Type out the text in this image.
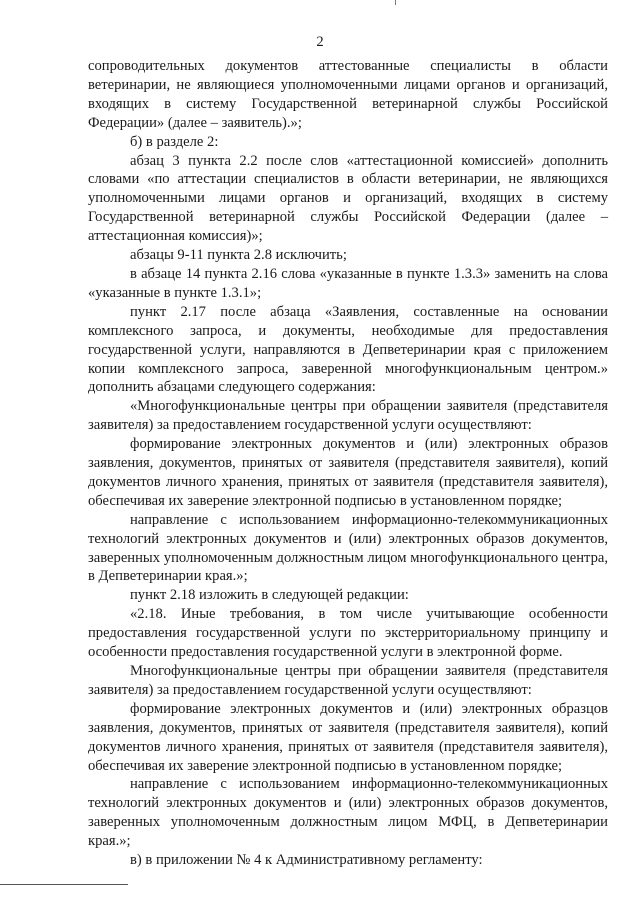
2

сопроводительных документов аттестованные специалисты в области ветеринарии, не являющиеся уполномоченными лицами органов и организаций, входящих в систему Государственной ветеринарной службы Российской Федерации» (далее – заявитель).»;

б) в разделе 2:

абзац 3 пункта 2.2 после слов «аттестационной комиссией» дополнить словами «по аттестации специалистов в области ветеринарии, не являющихся уполномоченными лицами органов и организаций, входящих в систему Государственной ветеринарной службы Российской Федерации (далее – аттестационная комиссия)»;

абзацы 9-11 пункта 2.8 исключить;

в абзаце 14 пункта 2.16 слова «указанные в пункте 1.3.3» заменить на слова «указанные в пункте 1.3.1»;

пункт 2.17 после абзаца «Заявления, составленные на основании комплексного запроса, и документы, необходимые для предоставления государственной услуги, направляются в Депветеринарии края с приложением копии комплексного запроса, заверенной многофункциональным центром.» дополнить абзацами следующего содержания:

«Многофункциональные центры при обращении заявителя (представителя заявителя) за предоставлением государственной услуги осуществляют:

формирование электронных документов и (или) электронных образов заявления, документов, принятых от заявителя (представителя заявителя), копий документов личного хранения, принятых от заявителя (представителя заявителя), обеспечивая их заверение электронной подписью в установленном порядке;

направление с использованием информационно-телекоммуникационных технологий электронных документов и (или) электронных образов документов, заверенных уполномоченным должностным лицом многофункционального центра, в Депветеринарии края.»;

пункт 2.18 изложить в следующей редакции:

«2.18. Иные требования, в том числе учитывающие особенности предоставления государственной услуги по экстерриториальному принципу и особенности предоставления государственной услуги в электронной форме.

Многофункциональные центры при обращении заявителя (представителя заявителя) за предоставлением государственной услуги осуществляют:

формирование электронных документов и (или) электронных образцов заявления, документов, принятых от заявителя (представителя заявителя), копий документов личного хранения, принятых от заявителя (представителя заявителя), обеспечивая их заверение электронной подписью в установленном порядке;

направление с использованием информационно-телекоммуникационных технологий электронных документов и (или) электронных образов документов, заверенных уполномоченным должностным лицом МФЦ, в Депветеринарии края.»;

в) в приложении № 4 к Административному регламенту:
